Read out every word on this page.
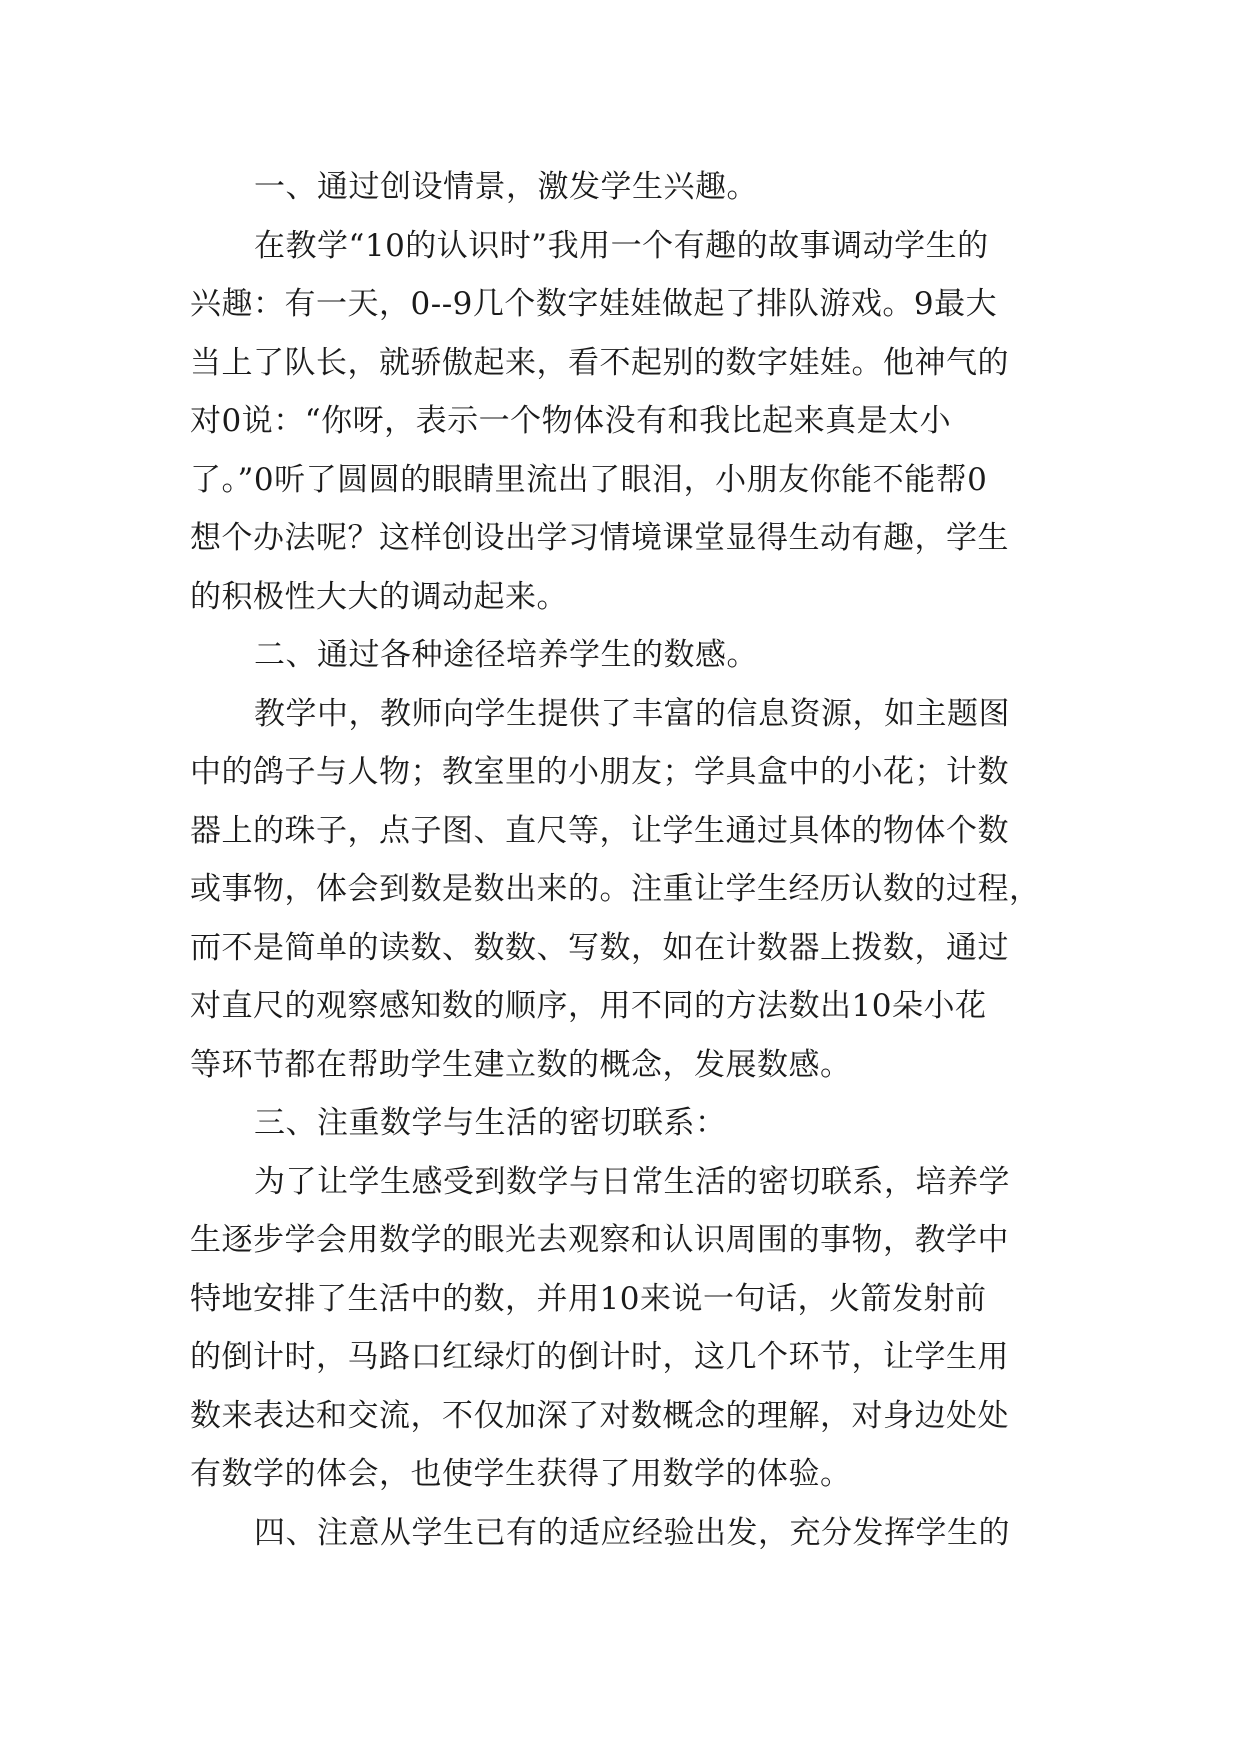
一、通过创设情景，激发学生兴趣。

在教学“10的认识时”我用一个有趣的故事调动学生的
兴趣：有一天，0--9几个数字娃娃做起了排队游戏。9最大
当上了队长，就骄傲起来，看不起别的数字娃娃。他神气的
对0说：“你呀，表示一个物体没有和我比起来真是太小
了。”0听了圆圆的眼睛里流出了眼泪，小朋友你能不能帮0
想个办法呢？这样创设出学习情境课堂显得生动有趣，学生
的积极性大大的调动起来。

二、通过各种途径培养学生的数感。

教学中，教师向学生提供了丰富的信息资源，如主题图
中的鸽子与人物；教室里的小朋友；学具盒中的小花；计数
器上的珠子，点子图、直尺等，让学生通过具体的物体个数
或事物，体会到数是数出来的。注重让学生经历认数的过程，
而不是简单的读数、数数、写数，如在计数器上拨数，通过
对直尺的观察感知数的顺序，用不同的方法数出10朵小花
等环节都在帮助学生建立数的概念，发展数感。

三、注重数学与生活的密切联系：

为了让学生感受到数学与日常生活的密切联系，培养学
生逐步学会用数学的眼光去观察和认识周围的事物，教学中
特地安排了生活中的数，并用10来说一句话，火箭发射前
的倒计时，马路口红绿灯的倒计时，这几个环节，让学生用
数来表达和交流，不仅加深了对数概念的理解，对身边处处
有数学的体会，也使学生获得了用数学的体验。

四、注意从学生已有的适应经验出发，充分发挥学生的
